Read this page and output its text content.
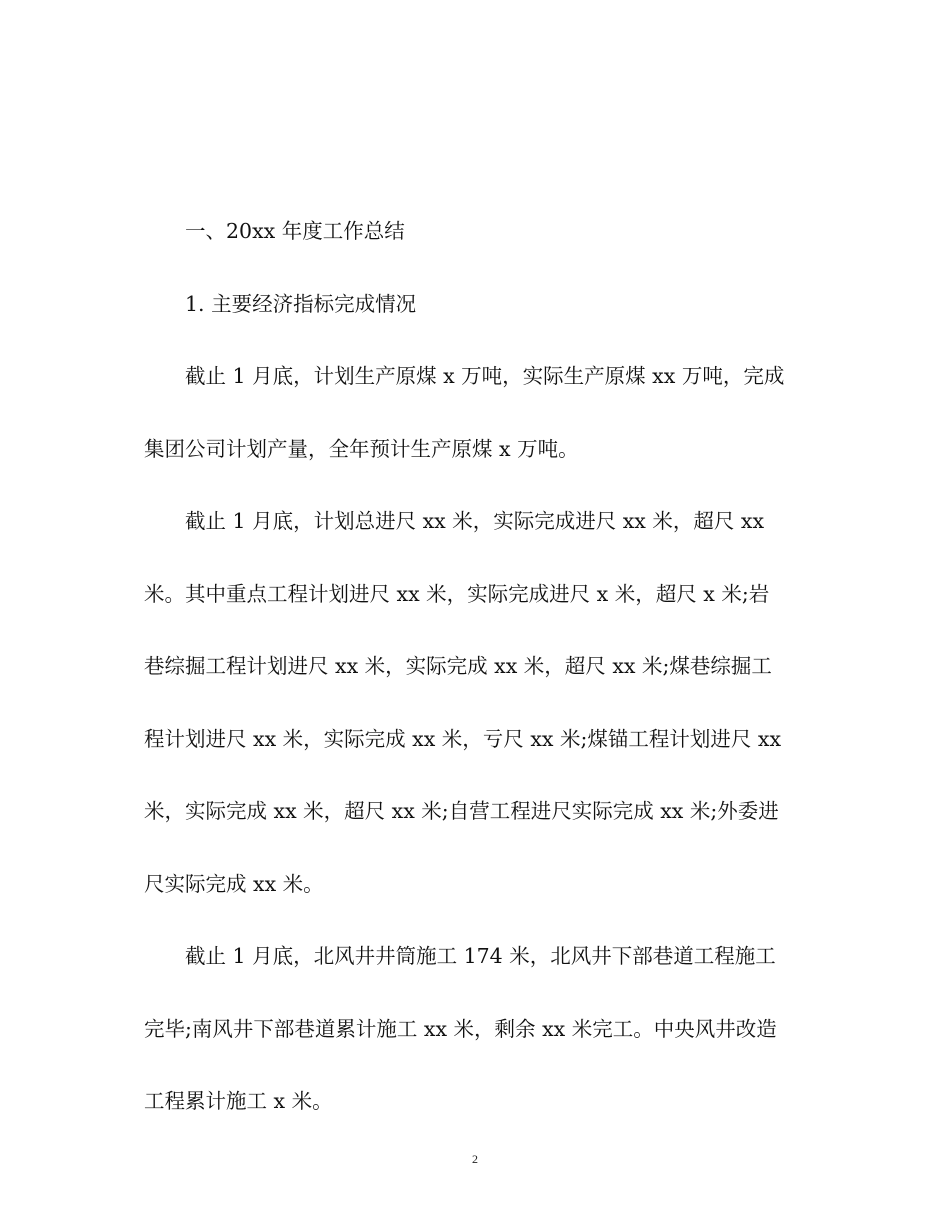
一、20xx 年度工作总结

1. 主要经济指标完成情况

截止 1 月底，计划生产原煤 x 万吨，实际生产原煤 xx 万吨，完成
集团公司计划产量，全年预计生产原煤 x 万吨。

截止 1 月底，计划总进尺 xx 米，实际完成进尺 xx 米，超尺 xx
米。其中重点工程计划进尺 xx 米，实际完成进尺 x 米，超尺 x 米;岩
巷综掘工程计划进尺 xx 米，实际完成 xx 米，超尺 xx 米;煤巷综掘工
程计划进尺 xx 米，实际完成 xx 米，亏尺 xx 米;煤锚工程计划进尺 xx
米，实际完成 xx 米，超尺 xx 米;自营工程进尺实际完成 xx 米;外委进
尺实际完成 xx 米。

截止 1 月底，北风井井筒施工 174 米，北风井下部巷道工程施工
完毕;南风井下部巷道累计施工 xx 米，剩余 xx 米完工。中央风井改造
工程累计施工 x 米。

2
